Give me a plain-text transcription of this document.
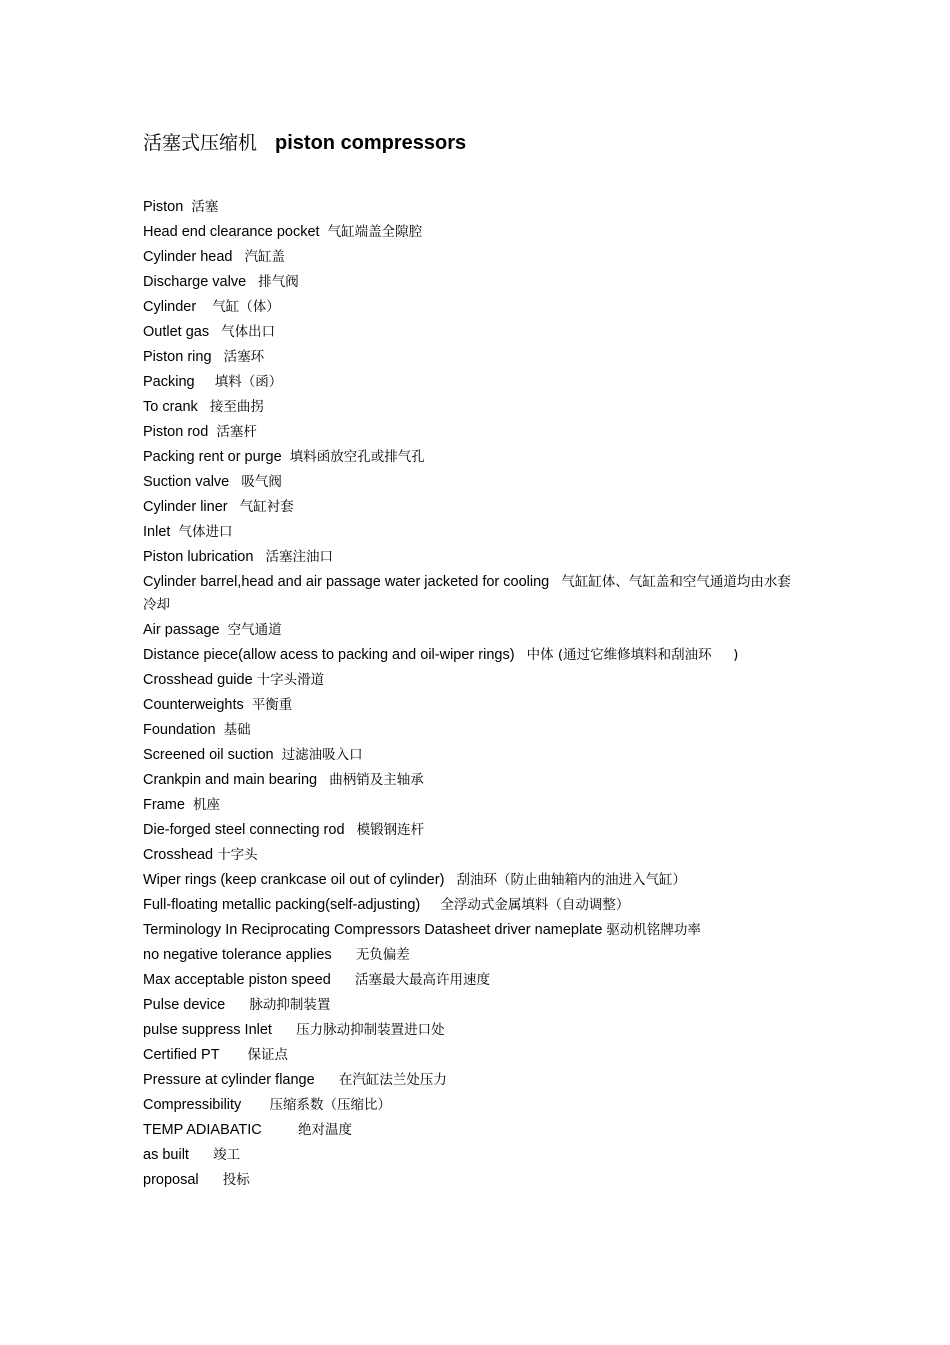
活塞式压缩机 piston compressors
Piston  活塞
Head end clearance pocket  气缸端盖全隙腔
Cylinder head   汽缸盖
Discharge valve   排气阀
Cylinder    气缸（体）
Outlet gas   气体出口
Piston ring   活塞环
Packing     填料（函）
To crank   接至曲拐
Piston rod  活塞杆
Packing rent or purge  填料函放空孔或排气孔
Suction valve   吸气阀
Cylinder liner   气缸衬套
Inlet  气体进口
Piston lubrication   活塞注油口
Cylinder barrel,head and air passage water jacketed for cooling   气缸缸体、气缸盖和空气通道均由水套冷却
Air passage  空气通道
Distance piece(allow acess to packing and oil-wiper rings)   中体 (通过它维修填料和刮油环     )
Crosshead guide 十字头滑道
Counterweights  平衡重
Foundation  基础
Screened oil suction  过滤油吸入口
Crankpin and main bearing   曲柄销及主轴承
Frame  机座
Die-forged steel connecting rod   模锻钢连杆
Crosshead 十字头
Wiper rings (keep crankcase oil out of cylinder)   刮油环（防止曲轴箱内的油进入气缸）
Full-floating metallic packing(self-adjusting)     全浮动式金属填料（自动调整）
Terminology In Reciprocating Compressors Datasheet driver nameplate 驱动机铭牌功率
no negative tolerance applies      无负偏差
Max acceptable piston speed      活塞最大最高许用速度
Pulse device      脉动抑制装置
pulse suppress Inlet      压力脉动抑制装置进口处
Certified PT       保证点
Pressure at cylinder flange      在汽缸法兰处压力
Compressibility       压缩系数（压缩比）
TEMP ADIABATIC         绝对温度
as built      竣工
proposal      投标
